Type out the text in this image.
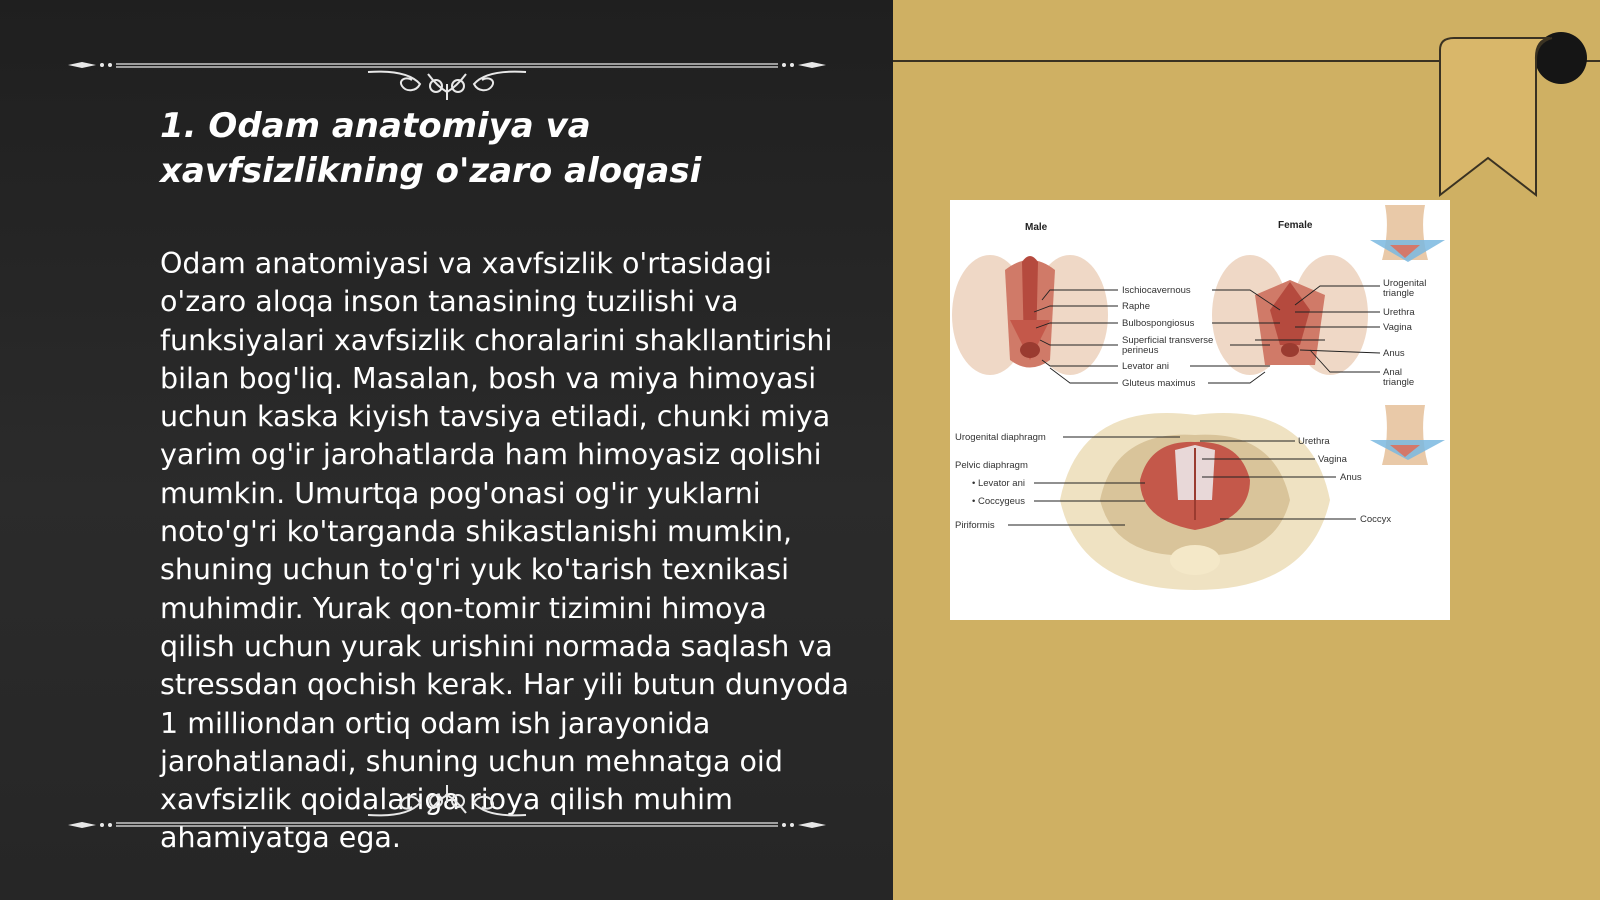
1. Odam anatomiya va xavfsizlikning o'zaro aloqasi

Odam anatomiyasi va xavfsizlik o'rtasidagi o'zaro aloqa inson tanasining tuzilishi va funksiyalari xavfsizlik choralarini shakllantirishi bilan bog'liq. Masalan, bosh va miya himoyasi uchun kaska kiyish tavsiya etiladi, chunki miya yarim og'ir jarohatlarda ham himoyasiz qolishi mumkin. Umurtqa pog'onasi og'ir yuklarni noto'g'ri ko'targanda shikastlanishi mumkin, shuning uchun to'g'ri yuk ko'tarish texnikasi muhimdir. Yurak qon-tomir tizimini himoya qilish uchun yurak urishini normada saqlash va stressdan qochish kerak. Har yili butun dunyoda 1 milliondan ortiq odam ish jarayonida jarohatlanadi, shuning uchun mehnatga oid xavfsizlik qoidalariga rioya qilish muhim ahamiyatga ega.

Male	Female
Ischiocavernous
Raphe
Bulbospongiosus
Superficial transverse
perineus
Levator ani
Gluteus maximus
Urogenital
triangle
Urethra
Vagina
Anus
Anal
triangle
Urogenital diaphragm
Pelvic diaphragm
• Levator ani
• Coccygeus
Piriformis
Urethra
Vagina
Anus
Coccyx
